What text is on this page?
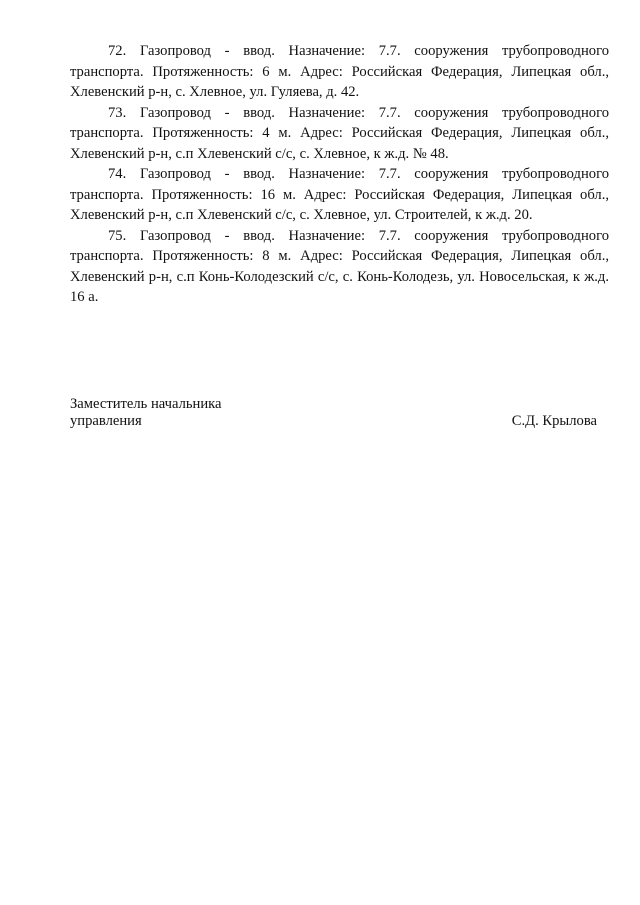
72. Газопровод - ввод. Назначение: 7.7. сооружения трубопроводного транспорта. Протяженность: 6 м. Адрес: Российская Федерация, Липецкая обл., Хлевенский р-н, с. Хлевное, ул. Гуляева, д. 42.

73. Газопровод - ввод. Назначение: 7.7. сооружения трубопроводного транспорта. Протяженность: 4 м. Адрес: Российская Федерация, Липецкая обл., Хлевенский р-н, с.п Хлевенский с/с, с. Хлевное, к ж.д. № 48.

74. Газопровод - ввод. Назначение: 7.7. сооружения трубопроводного транспорта. Протяженность: 16 м. Адрес: Российская Федерация, Липецкая обл., Хлевенский р-н, с.п Хлевенский с/с, с. Хлевное, ул. Строителей, к ж.д. 20.

75. Газопровод - ввод. Назначение: 7.7. сооружения трубопроводного транспорта. Протяженность: 8 м. Адрес: Российская Федерация, Липецкая обл., Хлевенский р-н, с.п Конь-Колодезский с/с, с. Конь-Колодезь, ул. Новосельская, к ж.д. 16 а.

Заместитель начальника
управления	С.Д. Крылова
